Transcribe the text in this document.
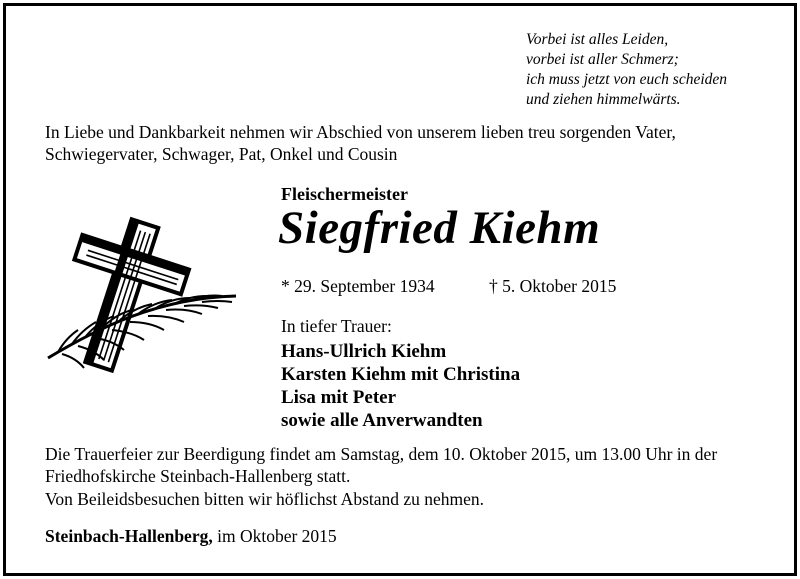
Vorbei ist alles Leiden,
vorbei ist aller Schmerz;
ich muss jetzt von euch scheiden
und ziehen himmelwärts.
In Liebe und Dankbarkeit nehmen wir Abschied von unserem lieben treu sorgenden Vater, Schwiegervater, Schwager, Pat, Onkel und Cousin
Fleischermeister
Siegfried Kiehm
* 29. September 1934	† 5. Oktober 2015
In tiefer Trauer:
Hans-Ullrich Kiehm
Karsten Kiehm mit Christina
Lisa mit Peter
sowie alle Anverwandten
Die Trauerfeier zur Beerdigung findet am Samstag, dem 10. Oktober 2015, um 13.00 Uhr in der Friedhofskirche Steinbach-Hallenberg statt.
Von Beileidsbesuchen bitten wir höflichst Abstand zu nehmen.
Steinbach-Hallenberg, im Oktober 2015
